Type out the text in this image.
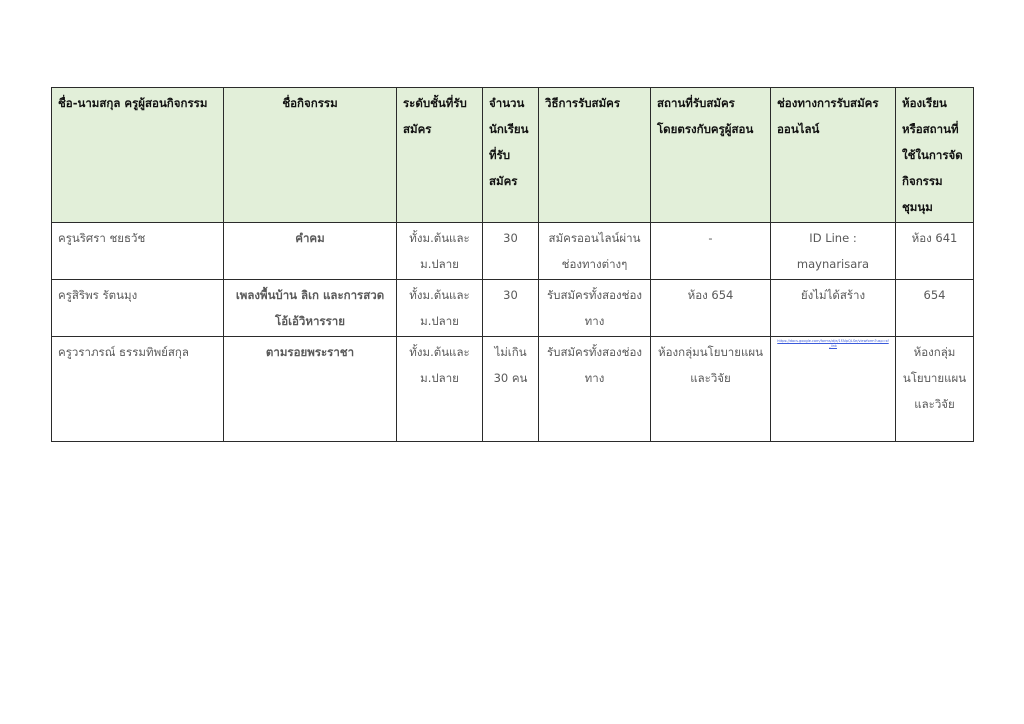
ชื่อ-นามสกุล ครูผู้สอนกิจกรรม	ชื่อกิจกรรม	ระดับชั้นที่รับสมัคร	จำนวนนักเรียนที่รับสมัคร	วิธีการรับสมัคร	สถานที่รับสมัครโดยตรงกับครูผู้สอน	ช่องทางการรับสมัครออนไลน์	ห้องเรียนหรือสถานที่ใช้ในการจัดกิจกรรมชุมนุม
ครูนริศรา ชยธวัช	คำคม	ทั้งม.ต้นและม.ปลาย	30	สมัครออนไลน์ผ่านช่องทางต่างๆ	-	ID Line : maynarisara	ห้อง 641
ครูสิริพร รัตนมุง	เพลงพื้นบ้าน ลิเก และการสวดโอ้เอ้วิหารราย	ทั้งม.ต้นและม.ปลาย	30	รับสมัครทั้งสองช่องทาง	ห้อง 654	ยังไม่ได้สร้าง	654
ครูวราภรณ์ ธรรมทิพย์สกุล	ตามรอยพระราชา	ทั้งม.ต้นและม.ปลาย	ไม่เกิน 30 คน	รับสมัครทั้งสองช่องทาง	ห้องกลุ่มนโยบายแผน และวิจัย	https://docs.google.com/forms/d/e/1FAIpQLSe/viewform?usp=sf_link	ห้องกลุ่มนโยบายแผน และวิจัย
